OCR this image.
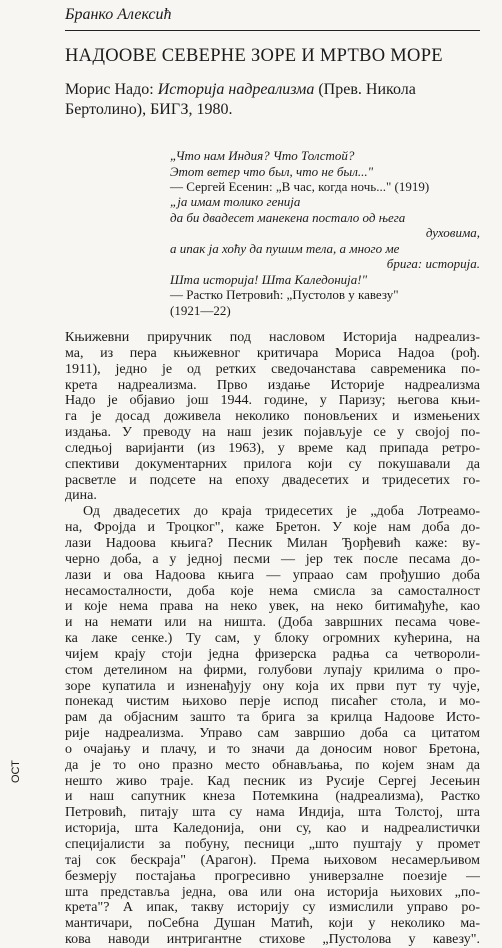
Бранко Алексић
НАДООВЕ СЕВЕРНЕ ЗОРЕ И МРТВО МОРЕ
Морис Надо: Историја надреализма (Прев. Никола Бертолино), БИГЗ, 1980.

„Что нам Индия? Что Толстой?

Этот ветер что был, что не был..."

— Сергей Есенин: „В час, когда ночь..." (1919)

„ја имам толико генија

да би двадесет манекена постало од њега

духовима,

а ипак ја хоћу да пушим тела, а много ме

брига: историја.

Шта историја! Шта Каледонија!"

— Растко Петровић: „Пустолов у кавезу"

(1921—22)

Књижевни приручник под насловом Историја надреализ-
ма, из пера књижевног критичара Мориса Надоа (рођ.
1911), једно је од ретких сведочанстава савременика по-
крета надреализма. Прво издање Историје надреализма
Надо је објавио још 1944. године, у Паризу; његова књи-
га је досад доживела неколико поновљених и измењених
издања. У преводу на наш језик појављује се у својој по-
следњој варијанти (из 1963), у време кад припада ретро-
спективи документарних прилога који су покушавали да
расветле и подсете на епоху двадесетих и тридесетих го-
дина.

Од двадесетих до краја тридесетих је „доба Лотреамо-
на, Фројда и Троцког", каже Бретон. У које нам доба до-
лази Надоова књига? Песник Милан Ђорђевић каже: ву-
черно доба, а у једној песми — јер тек после песама до-
лази и ова Надоова књига — упраао сам прођушио доба
несамосталности, доба које нема смисла за самосталност
и које нема права на неко увек, на неко битимађуће, као
и на немати или на ништа. (Доба завршних песама чове-
ка лаке сенке.) Ту сам, у блоку огромних кућерина, на
чијем крају стоји једна фризерска радња са четворoли-
стом детелином на фирми, голубови лупају крилима о про-
зоре купатила и изненађују ону која их први пут ту чује,
понекад чистим њихово перје испод писаћег стола, и мо-
рам да објасним зашто та брига за крилца Надоове Исто-
рије надреализма. Управо сам завршио доба са цитатом
о очајању и плачу, и то значи да доносим новог Бретона,
да је то оно празно место обнављања, по којем знам да
нешто живо траје. Кад песник из Русије Сергеј Јесењин
и наш сапутник кнеза Потемкина (надреализма), Растко
Петровић, питају шта су нама Индија, шта Толстој, шта
историја, шта Каледонија, они су, као и надреалистички
специјалисти за побуну, песници „што пуштају у промет
тај сок бескраја" (Арагон). Према њиховом несамерљивом
безмерју постајања прогресивно универзалне поезије —
шта представља једна, ова или она историја њихових „по-
крета"? А ипак, такву историју су измислили управо ро-
мантичари, поСебна Душан Матић, који у неколико ма-
кова наводи интригантне стихове „Пустолова у кавезу".

ОСТ
